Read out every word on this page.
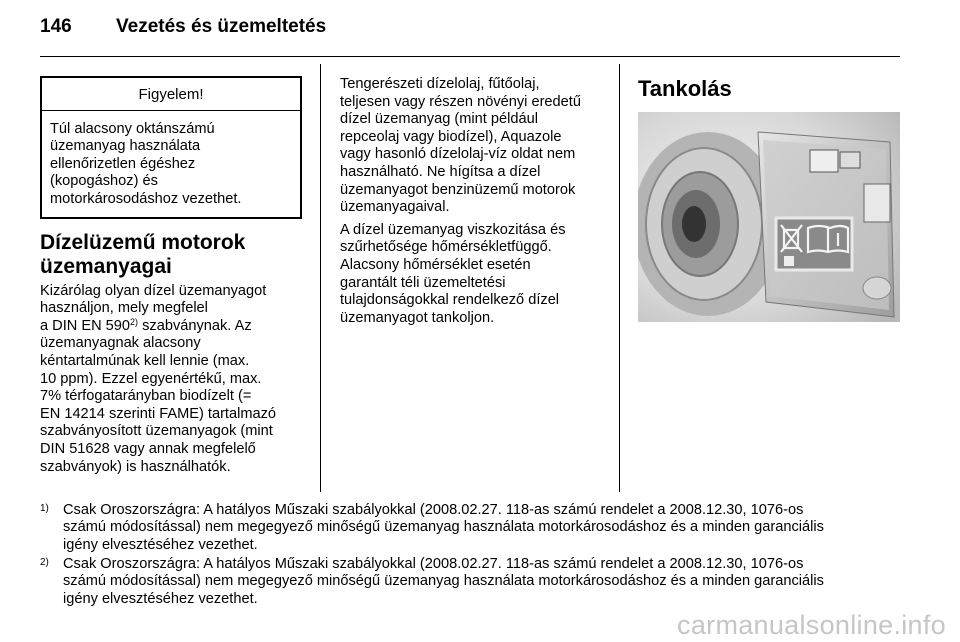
146 Vezetés és üzemeltetés
Figyelem!
Túl alacsony oktánszámú
üzemanyag használata
ellenőrizetlen égéshez
(kopogáshoz) és
motorkárosodáshoz vezethet.
Dízelüzemű motorok
üzemanyagai
Kizárólag olyan dízel üzemanyagot
használjon, mely megfelel
a DIN EN 590$^{2)}$ szabványnak. Az
üzemanyagnak alacsony
kéntartalmúnak kell lennie (max.
10 ppm). Ezzel egyenértékű, max.
7% térfogatarányban biodízelt (=
EN 14214 szerinti FAME) tartalmazó
szabványosított üzemanyagok (mint
DIN 51628 vagy annak megfelelő
szabványok) is használhatók.

Tengerészeti dízelolaj, fűtőolaj,
teljesen vagy részen növényi eredetű
dízel üzemanyag (mint például
repceolaj vagy biodízel), Aquazole
vagy hasonló dízelolaj-víz oldat nem
használható. Ne hígítsa a dízel
üzemanyagot benzinüzemű motorok
üzemanyagaival.

A dízel üzemanyag viszkozitása és
szűrhetősége hőmérsékletfüggő.
Alacsony hőmérséklet esetén
garantált téli üzemeltetési
tulajdonságokkal rendelkező dízel
üzemanyagot tankoljon.

Tankolás
1) Csak Oroszországra: A hatályos Műszaki szabályokkal (2008.02.27. 118-as számú rendelet a 2008.12.30, 1076-os
számú módosítással) nem megegyező minőségű üzemanyag használata motorkárosodáshoz és a minden garanciális
igény elvesztéséhez vezethet.
2) Csak Oroszországra: A hatályos Műszaki szabályokkal (2008.02.27. 118-as számú rendelet a 2008.12.30, 1076-os
számú módosítással) nem megegyező minőségű üzemanyag használata motorkárosodáshoz és a minden garanciális
igény elvesztéséhez vezethet.
carmanualsonline.info
